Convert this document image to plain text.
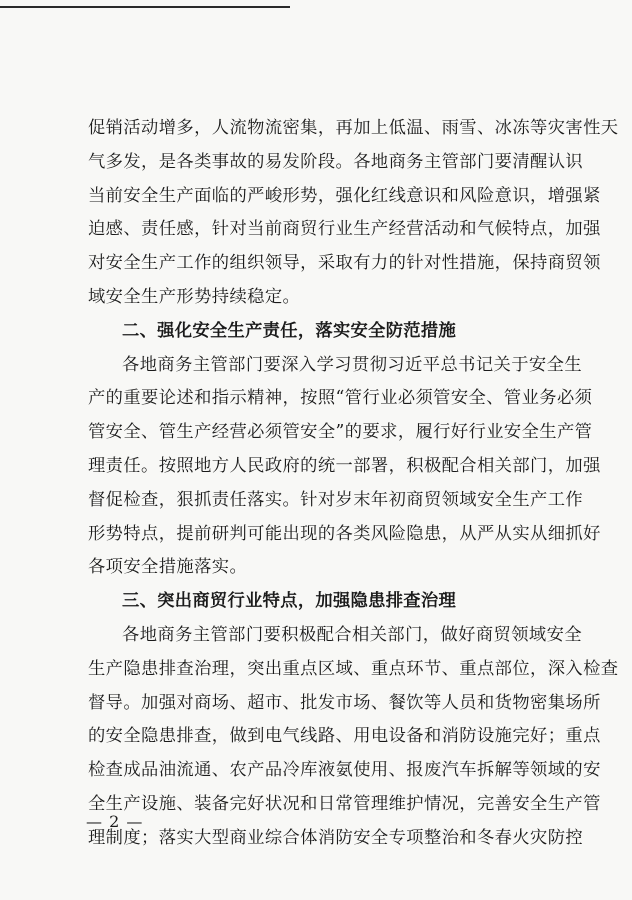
促销活动增多，人流物流密集，再加上低温、雨雪、冰冻等灾害性天
气多发，是各类事故的易发阶段。各地商务主管部门要清醒认识
当前安全生产面临的严峻形势，强化红线意识和风险意识，增强紧
迫感、责任感，针对当前商贸行业生产经营活动和气候特点，加强
对安全生产工作的组织领导，采取有力的针对性措施，保持商贸领
域安全生产形势持续稳定。

二、强化安全生产责任，落实安全防范措施

各地商务主管部门要深入学习贯彻习近平总书记关于安全生
产的重要论述和指示精神，按照“管行业必须管安全、管业务必须
管安全、管生产经营必须管安全”的要求，履行好行业安全生产管
理责任。按照地方人民政府的统一部署，积极配合相关部门，加强
督促检查，狠抓责任落实。针对岁末年初商贸领域安全生产工作
形势特点，提前研判可能出现的各类风险隐患，从严从实从细抓好
各项安全措施落实。

三、突出商贸行业特点，加强隐患排查治理

各地商务主管部门要积极配合相关部门，做好商贸领域安全
生产隐患排查治理，突出重点区域、重点环节、重点部位，深入检查
督导。加强对商场、超市、批发市场、餐饮等人员和货物密集场所
的安全隐患排查，做到电气线路、用电设备和消防设施完好；重点
检查成品油流通、农产品冷库液氨使用、报废汽车拆解等领域的安
全生产设施、装备完好状况和日常管理维护情况，完善安全生产管
理制度；落实大型商业综合体消防安全专项整治和冬春火灾防控

— 2 —
